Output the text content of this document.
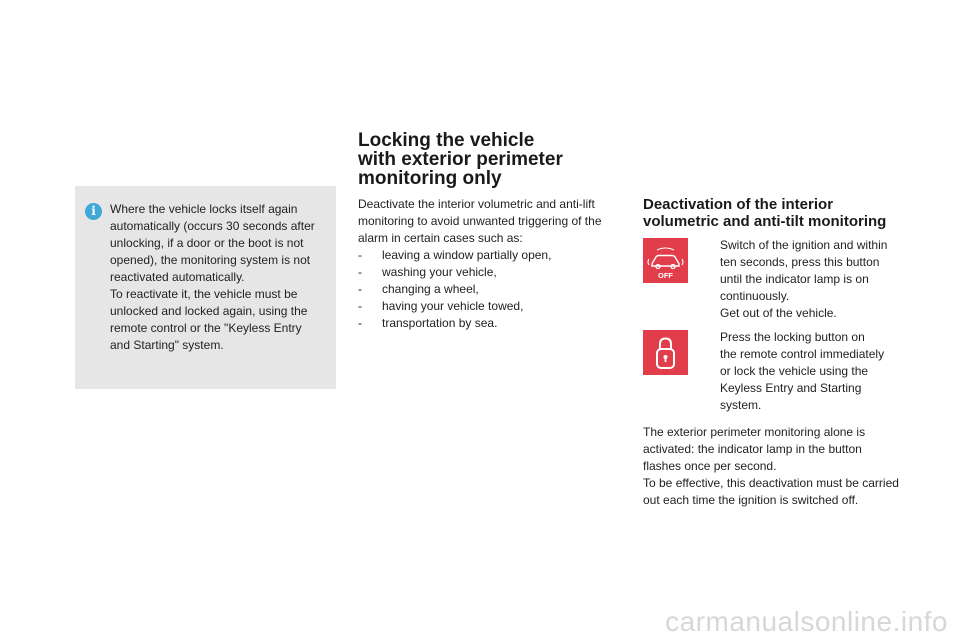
i	Where the vehicle locks itself again
automatically (occurs 30 seconds after
unlocking, if a door or the boot is not
opened), the monitoring system is not
reactivated automatically.
To reactivate it, the vehicle must be
unlocked and locked again, using the
remote control or the "Keyless Entry
and Starting" system.
Locking the vehicle
with exterior perimeter
monitoring only
Deactivate the interior volumetric and anti-lift
monitoring to avoid unwanted triggering of the
alarm in certain cases such as:
-	leaving a window partially open,
-	washing your vehicle,
-	changing a wheel,
-	having your vehicle towed,
-	transportation by sea.
Deactivation of the interior
volumetric and anti-tilt monitoring
OFF
Switch of the ignition and within
ten seconds, press this button
until the indicator lamp is on
continuously.
Get out of the vehicle.
Press the locking button on
the remote control immediately
or lock the vehicle using the
Keyless Entry and Starting
system.
The exterior perimeter monitoring alone is
activated: the indicator lamp in the button
flashes once per second.
To be effective, this deactivation must be carried
out each time the ignition is switched off.
carmanualsonline.info
